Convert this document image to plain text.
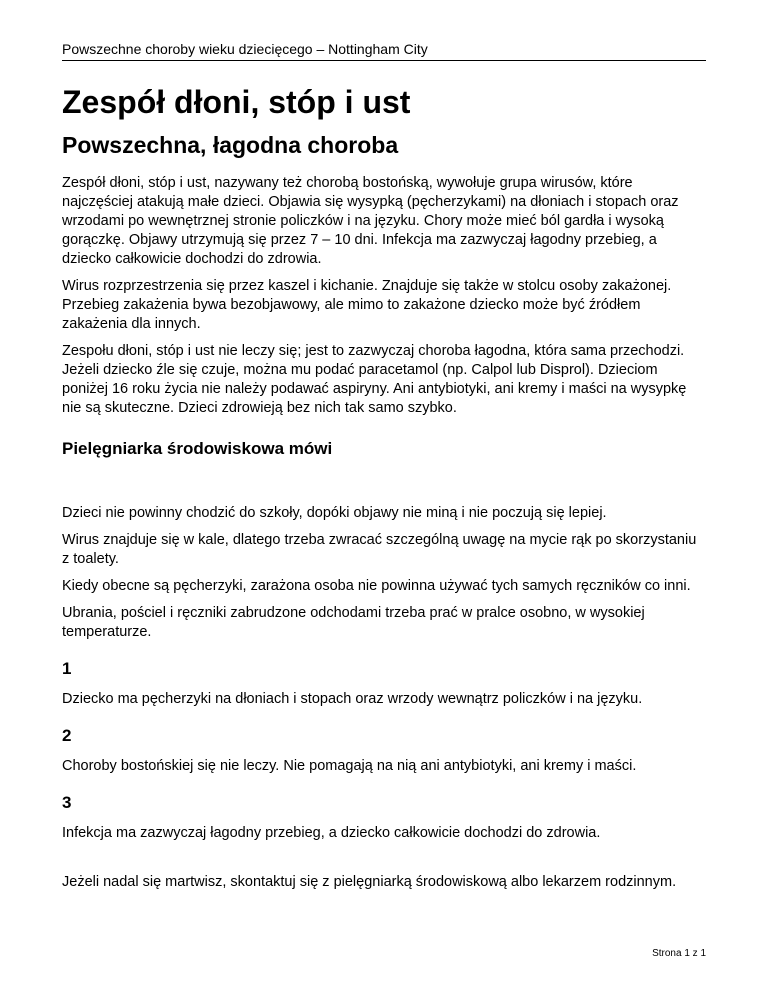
Powszechne choroby wieku dziecięcego – Nottingham City
Zespół dłoni, stóp i ust
Powszechna, łagodna choroba

Zespół dłoni, stóp i ust, nazywany też chorobą bostońską, wywołuje grupa wirusów, które najczęściej atakują małe dzieci. Objawia się wysypką (pęcherzykami) na dłoniach i stopach oraz wrzodami po wewnętrznej stronie policzków i na języku. Chory może mieć ból gardła i wysoką gorączkę. Objawy utrzymują się przez 7 – 10 dni. Infekcja ma zazwyczaj łagodny przebieg, a dziecko całkowicie dochodzi do zdrowia.

Wirus rozprzestrzenia się przez kaszel i kichanie. Znajduje się także w stolcu osoby zakażonej. Przebieg zakażenia bywa bezobjawowy, ale mimo to zakażone dziecko może być źródłem zakażenia dla innych.

Zespołu dłoni, stóp i ust nie leczy się; jest to zazwyczaj choroba łagodna, która sama przechodzi. Jeżeli dziecko źle się czuje, można mu podać paracetamol (np. Calpol lub Disprol). Dzieciom poniżej 16 roku życia nie należy podawać aspiryny. Ani antybiotyki, ani kremy i maści na wysypkę nie są skuteczne. Dzieci zdrowieją bez nich tak samo szybko.

Pielęgniarka środowiskowa mówi

Dzieci nie powinny chodzić do szkoły, dopóki objawy nie miną i nie poczują się lepiej.

Wirus znajduje się w kale, dlatego trzeba zwracać szczególną uwagę na mycie rąk po skorzystaniu z toalety.

Kiedy obecne są pęcherzyki, zarażona osoba nie powinna używać tych samych ręczników co inni.

Ubrania, pościel i ręczniki zabrudzone odchodami trzeba prać w pralce osobno, w wysokiej temperaturze.

1

Dziecko ma pęcherzyki na dłoniach i stopach oraz wrzody wewnątrz policzków i na języku.

2

Choroby bostońskiej się nie leczy. Nie pomagają na nią ani antybiotyki, ani kremy i maści.

3

Infekcja ma zazwyczaj łagodny przebieg, a dziecko całkowicie dochodzi do zdrowia.

Jeżeli nadal się martwisz, skontaktuj się z pielęgniarką środowiskową albo lekarzem rodzinnym.

Strona 1 z 1
